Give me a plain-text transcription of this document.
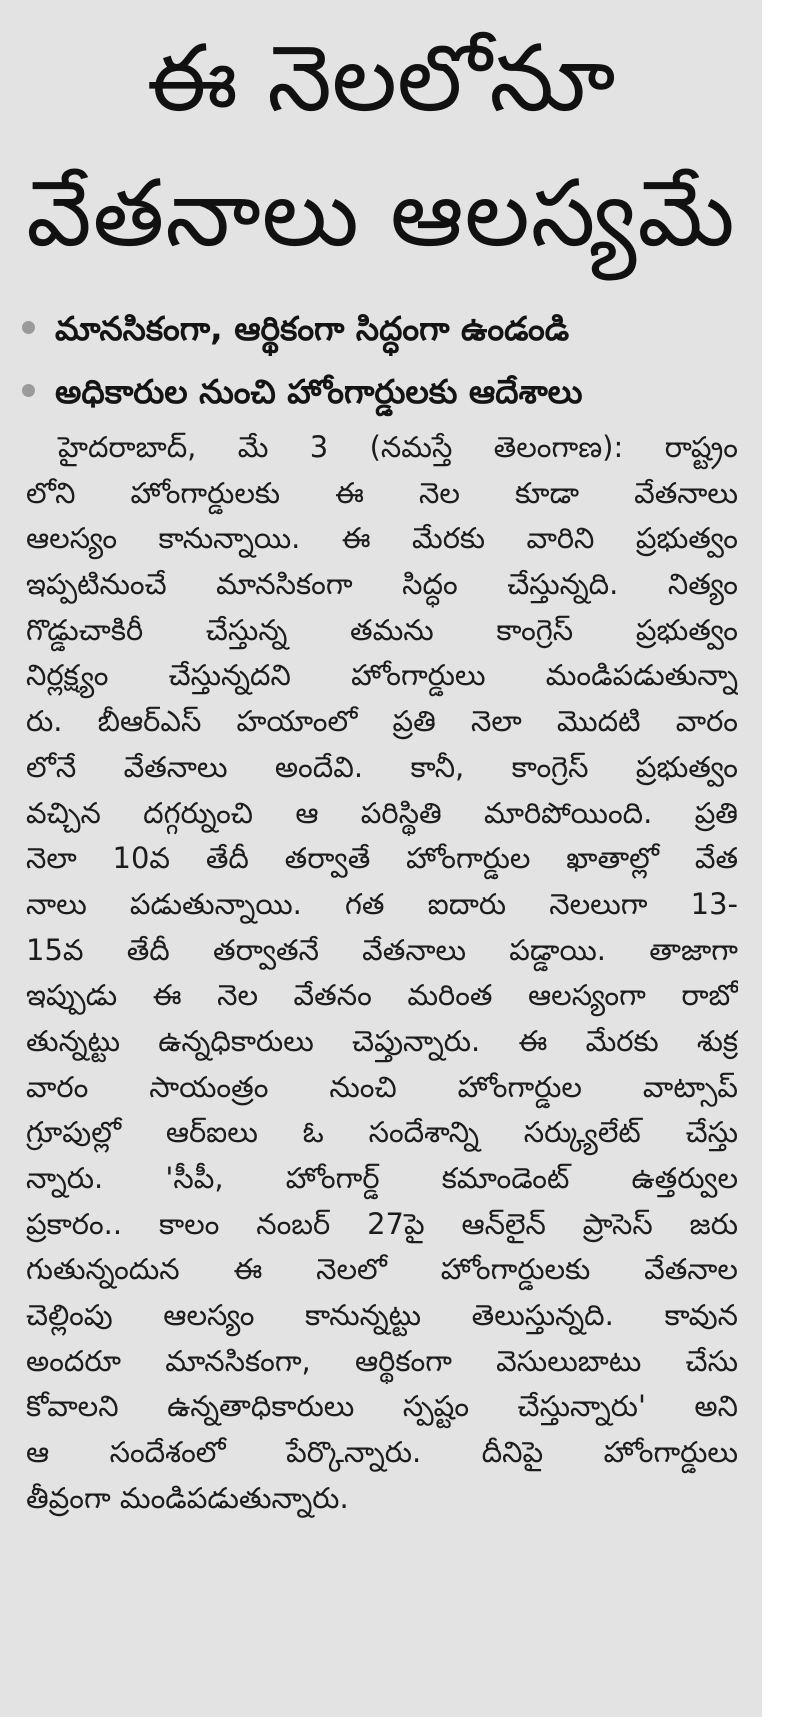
ఈ నెలలోనూ
వేతనాలు ఆలస్యమే
మానసికంగా, ఆర్థికంగా సిద్ధంగా ఉండండి
అధికారుల నుంచి హోంగార్డులకు ఆదేశాలు
హైదరాబాద్, మే 3 (నమస్తే తెలంగాణ): రాష్ట్రం
లోని హోంగార్డులకు ఈ నెల కూడా వేతనాలు
ఆలస్యం కానున్నాయి. ఈ మేరకు వారిని ప్రభుత్వం
ఇప్పటినుంచే మానసికంగా సిద్ధం చేస్తున్నది. నిత్యం
గొడ్డుచాకిరీ చేస్తున్న తమను కాంగ్రెస్ ప్రభుత్వం
నిర్లక్ష్యం చేస్తున్నదని హోంగార్డులు మండిపడుతున్నా
రు. బీఆర్ఎస్ హయాంలో ప్రతి నెలా మొదటి వారం
లోనే వేతనాలు అందేవి. కానీ, కాంగ్రెస్ ప్రభుత్వం
వచ్చిన దగ్గర్నుంచి ఆ పరిస్థితి మారిపోయింది. ప్రతి
నెలా 10వ తేదీ తర్వాతే హోంగార్డుల ఖాతాల్లో వేత
నాలు పడుతున్నాయి. గత ఐదారు నెలలుగా 13-
15వ తేదీ తర్వాతనే వేతనాలు పడ్డాయి. తాజాగా
ఇప్పుడు ఈ నెల వేతనం మరింత ఆలస్యంగా రాబో
తున్నట్టు ఉన్నధికారులు చెప్తున్నారు. ఈ మేరకు శుక్ర
వారం సాయంత్రం నుంచి హోంగార్డుల వాట్సాప్
గ్రూపుల్లో ఆర్ఐలు ఓ సందేశాన్ని సర్క్యులేట్ చేస్తు
న్నారు. 'సీపీ, హోంగార్డ్ కమాండెంట్ ఉత్తర్వుల
ప్రకారం.. కాలం నంబర్ 27పై ఆన్‌లైన్ ప్రాసెస్ జరు
గుతున్నందున ఈ నెలలో హోంగార్డులకు వేతనాల
చెల్లింపు ఆలస్యం కానున్నట్టు తెలుస్తున్నది. కావున
అందరూ మానసికంగా, ఆర్థికంగా వెసులుబాటు చేసు
కోవాలని ఉన్నతాధికారులు స్పష్టం చేస్తున్నారు' అని
ఆ సందేశంలో పేర్కొన్నారు. దీనిపై హోంగార్డులు
తీవ్రంగా మండిపడుతున్నారు.
